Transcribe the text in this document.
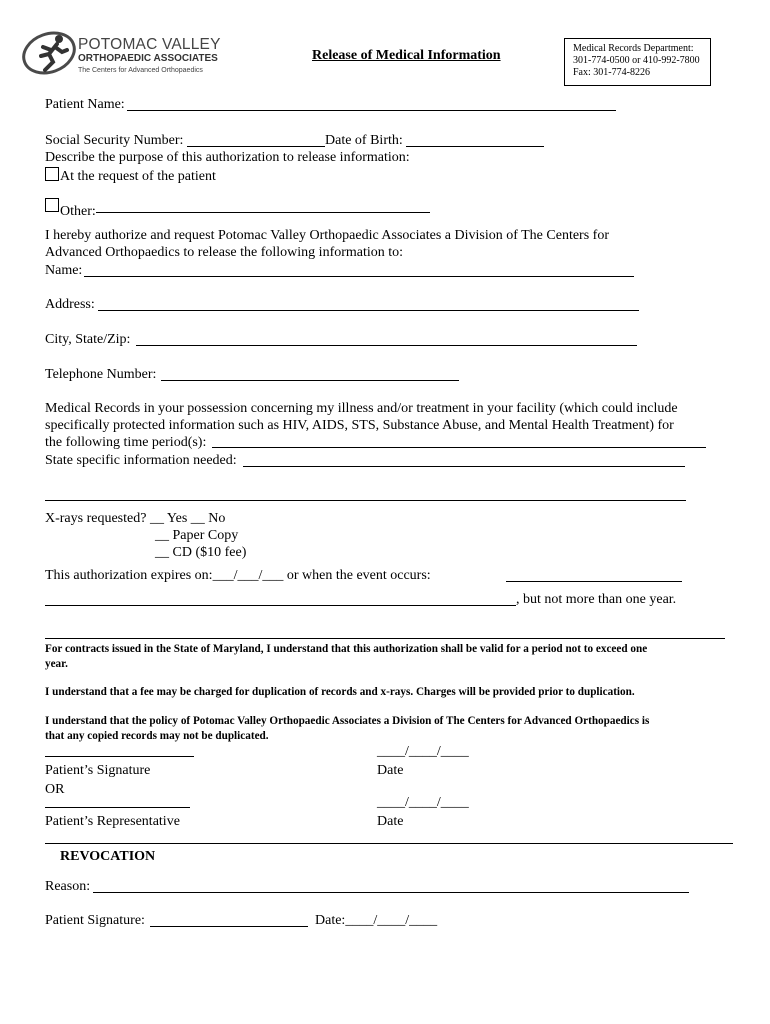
POTOMAC VALLEY
ORTHOPAEDIC ASSOCIATES
The Centers for Advanced Orthopaedics
Release of Medical Information	Medical Records Department:
301-774-0500 or 410-992-7800
Fax: 301-774-8226
Patient Name:
Social Security Number:	Date of Birth:
Describe the purpose of this authorization to release information:
At the request of the patient
Other:
I hereby authorize and request Potomac Valley Orthopaedic Associates a Division of The Centers for
Advanced Orthopaedics to release the following information to:
Name:
Address:
City, State/Zip:
Telephone Number:
Medical Records in your possession concerning my illness and/or treatment in your facility (which could include
specifically protected information such as HIV, AIDS, STS, Substance Abuse, and Mental Health Treatment) for
the following time period(s):
State specific information needed:
X-rays requested? __ Yes __ No
__ Paper Copy
__ CD ($10 fee)
This authorization expires on:___/___/___ or when the event occurs:
, but not more than one year.
For contracts issued in the State of Maryland, I understand that this authorization shall be valid for a period not to exceed one
year.
I understand that a fee may be charged for duplication of records and x-rays. Charges will be provided prior to duplication.
I understand that the policy of Potomac Valley Orthopaedic Associates a Division of The Centers for Advanced Orthopaedics is
that any copied records may not be duplicated.
____/____/____
Patient’s Signature	Date
OR
____/____/____
Patient’s Representative	Date
REVOCATION
Reason:
Patient Signature:	Date:____/____/____
